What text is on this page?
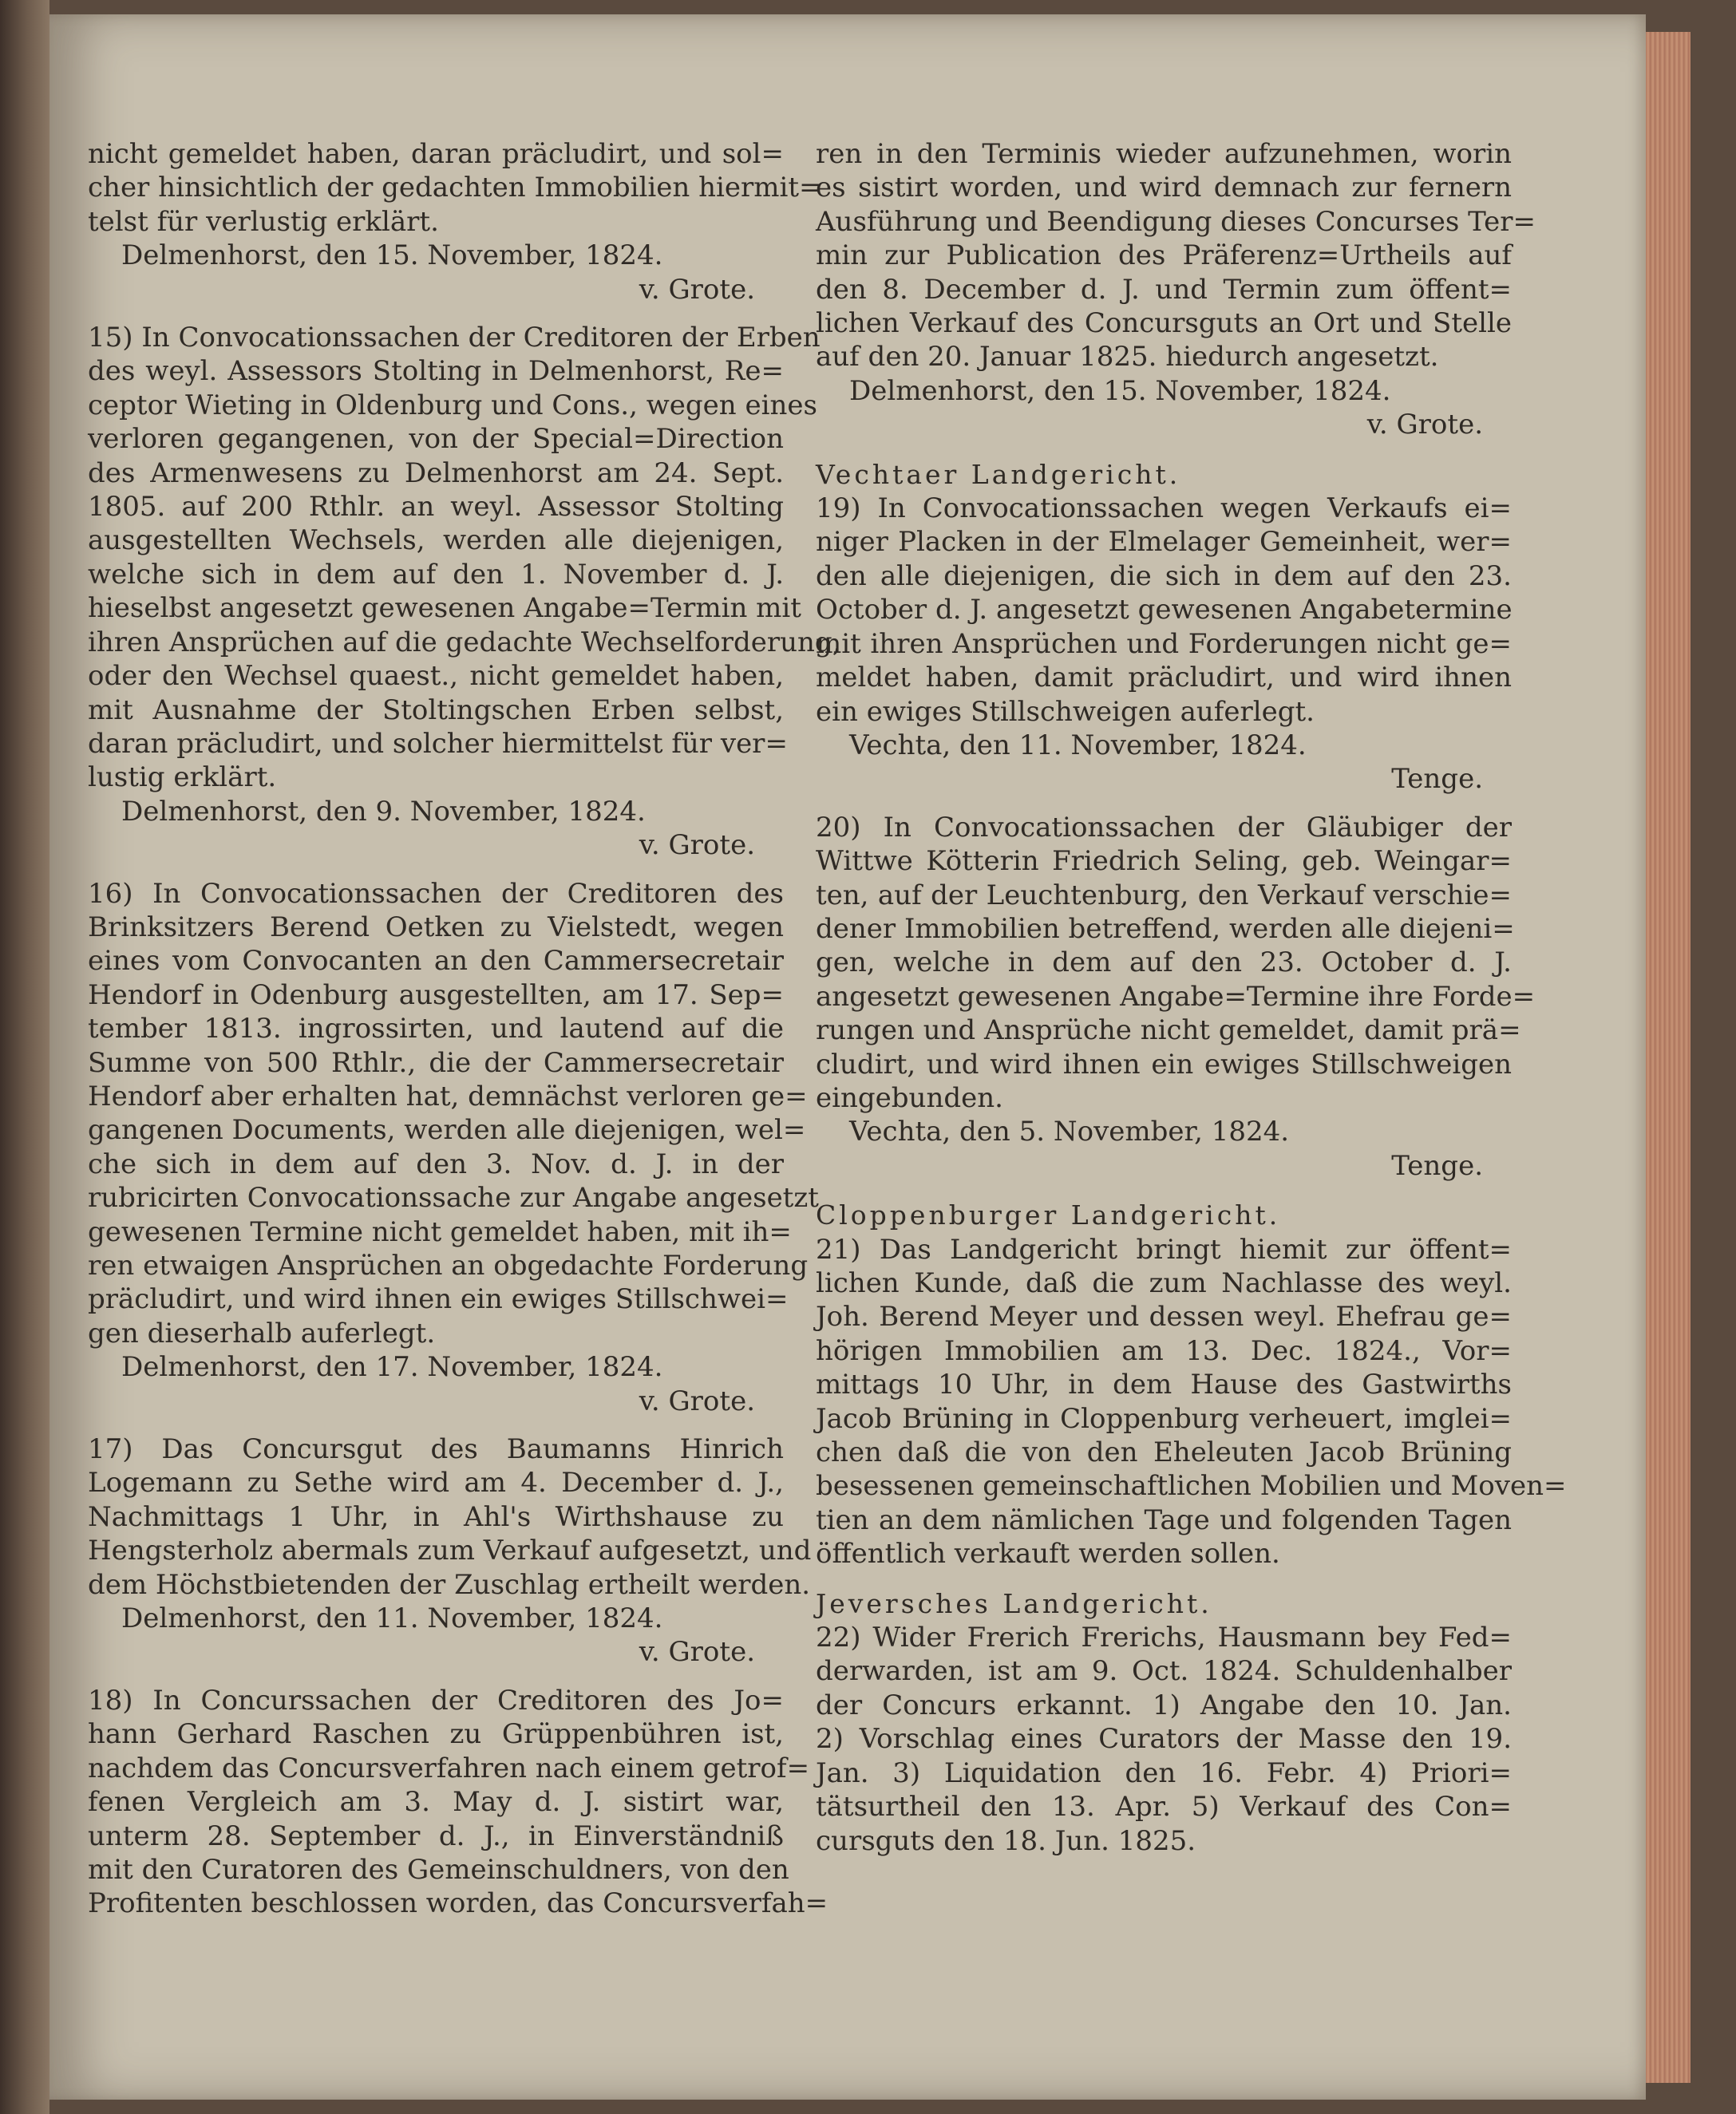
nicht gemeldet haben, daran präcludirt, und sol=
cher hinsichtlich der gedachten Immobilien hiermit=
telst für verlustig erklärt.
Delmenhorst, den 15. November, 1824.
v. Grote.
15) In Convocationssachen der Creditoren der Erben
des weyl. Assessors Stolting in Delmenhorst, Re=
ceptor Wieting in Oldenburg und Cons., wegen eines
verloren gegangenen, von der Special=Direction
des Armenwesens zu Delmenhorst am 24. Sept.
1805. auf 200 Rthlr. an weyl. Assessor Stolting
ausgestellten Wechsels, werden alle diejenigen,
welche sich in dem auf den 1. November d. J.
hieselbst angesetzt gewesenen Angabe=Termin mit
ihren Ansprüchen auf die gedachte Wechselforderung,
oder den Wechsel quaest., nicht gemeldet haben,
mit Ausnahme der Stoltingschen Erben selbst,
daran präcludirt, und solcher hiermittelst für ver=
lustig erklärt.
Delmenhorst, den 9. November, 1824.
v. Grote.
16) In Convocationssachen der Creditoren des
Brinksitzers Berend Oetken zu Vielstedt, wegen
eines vom Convocanten an den Cammersecretair
Hendorf in Odenburg ausgestellten, am 17. Sep=
tember 1813. ingrossirten, und lautend auf die
Summe von 500 Rthlr., die der Cammersecretair
Hendorf aber erhalten hat, demnächst verloren ge=
gangenen Documents, werden alle diejenigen, wel=
che sich in dem auf den 3. Nov. d. J. in der
rubricirten Convocationssache zur Angabe angesetzt
gewesenen Termine nicht gemeldet haben, mit ih=
ren etwaigen Ansprüchen an obgedachte Forderung
präcludirt, und wird ihnen ein ewiges Stillschwei=
gen dieserhalb auferlegt.
Delmenhorst, den 17. November, 1824.
v. Grote.
17) Das Concursgut des Baumanns Hinrich
Logemann zu Sethe wird am 4. December d. J.,
Nachmittags 1 Uhr, in Ahl's Wirthshause zu
Hengsterholz abermals zum Verkauf aufgesetzt, und
dem Höchstbietenden der Zuschlag ertheilt werden.
Delmenhorst, den 11. November, 1824.
v. Grote.
18) In Concurssachen der Creditoren des Jo=
hann Gerhard Raschen zu Grüppenbühren ist,
nachdem das Concursverfahren nach einem getrof=
fenen Vergleich am 3. May d. J. sistirt war,
unterm 28. September d. J., in Einverständniß
mit den Curatoren des Gemeinschuldners, von den
Profitenten beschlossen worden, das Concursverfah=
ren in den Terminis wieder aufzunehmen, worin
es sistirt worden, und wird demnach zur fernern
Ausführung und Beendigung dieses Concurses Ter=
min zur Publication des Präferenz=Urtheils auf
den 8. December d. J. und Termin zum öffent=
lichen Verkauf des Concursguts an Ort und Stelle
auf den 20. Januar 1825. hiedurch angesetzt.
Delmenhorst, den 15. November, 1824.
v. Grote.
Vechtaer Landgericht.
19) In Convocationssachen wegen Verkaufs ei=
niger Placken in der Elmelager Gemeinheit, wer=
den alle diejenigen, die sich in dem auf den 23.
October d. J. angesetzt gewesenen Angabetermine
mit ihren Ansprüchen und Forderungen nicht ge=
meldet haben, damit präcludirt, und wird ihnen
ein ewiges Stillschweigen auferlegt.
Vechta, den 11. November, 1824.
Tenge.
20) In Convocationssachen der Gläubiger der
Wittwe Kötterin Friedrich Seling, geb. Weingar=
ten, auf der Leuchtenburg, den Verkauf verschie=
dener Immobilien betreffend, werden alle diejeni=
gen, welche in dem auf den 23. October d. J.
angesetzt gewesenen Angabe=Termine ihre Forde=
rungen und Ansprüche nicht gemeldet, damit prä=
cludirt, und wird ihnen ein ewiges Stillschweigen
eingebunden.
Vechta, den 5. November, 1824.
Tenge.
Cloppenburger Landgericht.
21) Das Landgericht bringt hiemit zur öffent=
lichen Kunde, daß die zum Nachlasse des weyl.
Joh. Berend Meyer und dessen weyl. Ehefrau ge=
hörigen Immobilien am 13. Dec. 1824., Vor=
mittags 10 Uhr, in dem Hause des Gastwirths
Jacob Brüning in Cloppenburg verheuert, imglei=
chen daß die von den Eheleuten Jacob Brüning
besessenen gemeinschaftlichen Mobilien und Moven=
tien an dem nämlichen Tage und folgenden Tagen
öffentlich verkauft werden sollen.
Jeversches Landgericht.
22) Wider Frerich Frerichs, Hausmann bey Fed=
derwarden, ist am 9. Oct. 1824. Schuldenhalber
der Concurs erkannt. 1) Angabe den 10. Jan.
2) Vorschlag eines Curators der Masse den 19.
Jan. 3) Liquidation den 16. Febr. 4) Priori=
tätsurtheil den 13. Apr. 5) Verkauf des Con=
cursguts den 18. Jun. 1825.
